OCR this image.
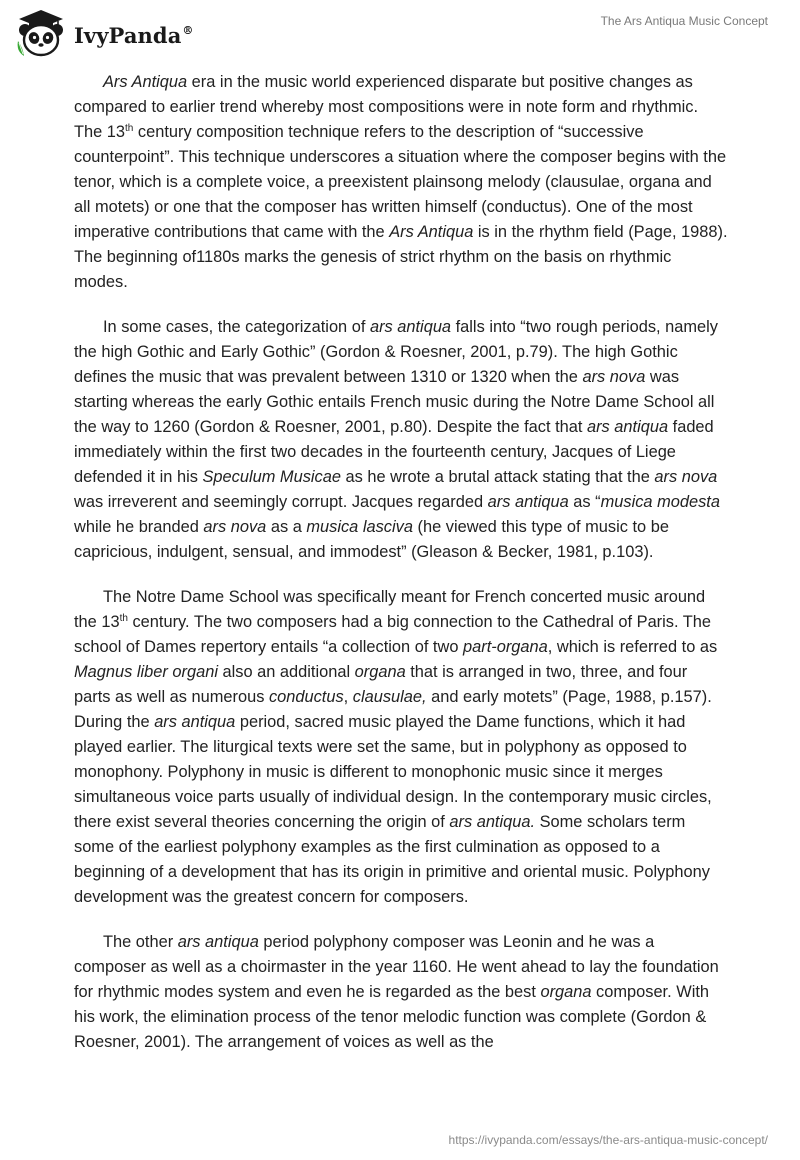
IvyPanda®
The Ars Antiqua Music Concept

Ars Antiqua era in the music world experienced disparate but positive changes as compared to earlier trend whereby most compositions were in note form and rhythmic. The 13th century composition technique refers to the description of “successive counterpoint”. This technique underscores a situation where the composer begins with the tenor, which is a complete voice, a preexistent plainsong melody (clausulae, organa and all motets) or one that the composer has written himself (conductus). One of the most imperative contributions that came with the Ars Antiqua is in the rhythm field (Page, 1988). The beginning of1180s marks the genesis of strict rhythm on the basis on rhythmic modes.

In some cases, the categorization of ars antiqua falls into “two rough periods, namely the high Gothic and Early Gothic” (Gordon & Roesner, 2001, p.79). The high Gothic defines the music that was prevalent between 1310 or 1320 when the ars nova was starting whereas the early Gothic entails French music during the Notre Dame School all the way to 1260 (Gordon & Roesner, 2001, p.80). Despite the fact that ars antiqua faded immediately within the first two decades in the fourteenth century, Jacques of Liege defended it in his Speculum Musicae as he wrote a brutal attack stating that the ars nova was irreverent and seemingly corrupt. Jacques regarded ars antiqua as “musica modesta while he branded ars nova as a musica lasciva (he viewed this type of music to be capricious, indulgent, sensual, and immodest” (Gleason & Becker, 1981, p.103).

The Notre Dame School was specifically meant for French concerted music around the 13th century. The two composers had a big connection to the Cathedral of Paris. The school of Dames repertory entails “a collection of two part-organa, which is referred to as Magnus liber organi also an additional organa that is arranged in two, three, and four parts as well as numerous conductus, clausulae, and early motets” (Page, 1988, p.157). During the ars antiqua period, sacred music played the Dame functions, which it had played earlier. The liturgical texts were set the same, but in polyphony as opposed to monophony. Polyphony in music is different to monophonic music since it merges simultaneous voice parts usually of individual design. In the contemporary music circles, there exist several theories concerning the origin of ars antiqua. Some scholars term some of the earliest polyphony examples as the first culmination as opposed to a beginning of a development that has its origin in primitive and oriental music. Polyphony development was the greatest concern for composers.

The other ars antiqua period polyphony composer was Leonin and he was a composer as well as a choirmaster in the year 1160. He went ahead to lay the foundation for rhythmic modes system and even he is regarded as the best organa composer. With his work, the elimination process of the tenor melodic function was complete (Gordon & Roesner, 2001). The arrangement of voices as well as the

https://ivypanda.com/essays/the-ars-antiqua-music-concept/
